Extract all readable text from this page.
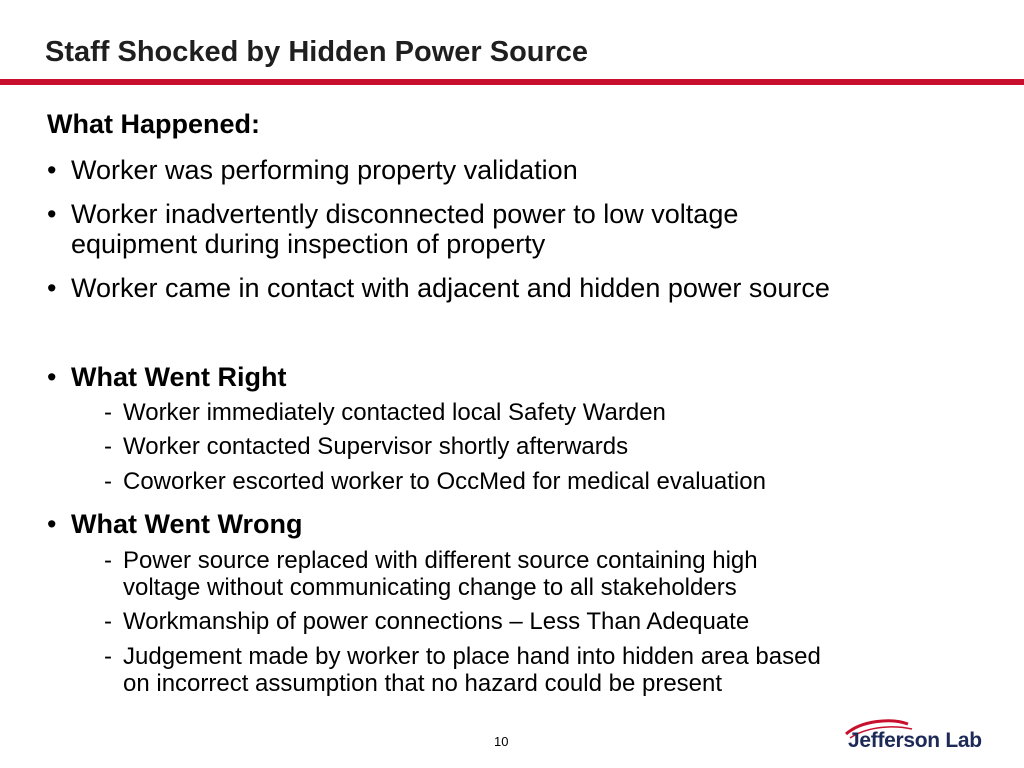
Staff Shocked by Hidden Power Source
What Happened:
• Worker was performing property validation
• Worker inadvertently disconnected power to low voltage
equipment during inspection of property
• Worker came in contact with adjacent and hidden power source
• What Went Right
- Worker immediately contacted local Safety Warden
- Worker contacted Supervisor shortly afterwards
- Coworker escorted worker to OccMed for medical evaluation
• What Went Wrong
- Power source replaced with different source containing high
voltage without communicating change to all stakeholders
- Workmanship of power connections – Less Than Adequate
- Judgement made by worker to place hand into hidden area based
on incorrect assumption that no hazard could be present
10	Jefferson Lab
